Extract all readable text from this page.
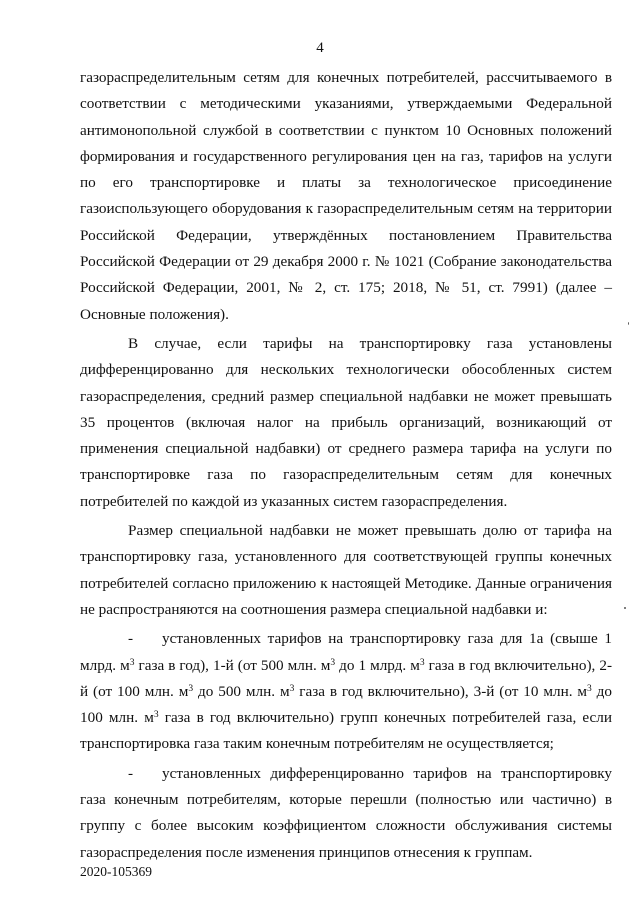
4

газораспределительным сетям для конечных потребителей, рассчитываемого в соответствии с методическими указаниями, утверждаемыми Федеральной антимонопольной службой в соответствии с пунктом 10 Основных положений формирования и государственного регулирования цен на газ, тарифов на услуги по его транспортировке и платы за технологическое присоединение газоиспользующего оборудования к газораспределительным сетям на территории Российской Федерации, утверждённых постановлением Правительства Российской Федерации от 29 декабря 2000 г. № 1021 (Собрание законодательства Российской Федерации, 2001, № 2, ст. 175; 2018, № 51, ст. 7991) (далее – Основные положения).

В случае, если тарифы на транспортировку газа установлены дифференцированно для нескольких технологически обособленных систем газораспределения, средний размер специальной надбавки не может превышать 35 процентов (включая налог на прибыль организаций, возникающий от применения специальной надбавки) от среднего размера тарифа на услуги по транспортировке газа по газораспределительным сетям для конечных потребителей по каждой из указанных систем газораспределения.

Размер специальной надбавки не может превышать долю от тарифа на транспортировку газа, установленного для соответствующей группы конечных потребителей согласно приложению к настоящей Методике. Данные ограничения не распространяются на соотношения размера специальной надбавки и:

- установленных тарифов на транспортировку газа для 1а (свыше 1 млрд. $м^3$ газа в год), 1-й (от 500 млн. $м^3$ до 1 млрд. $м^3$ газа в год включительно), 2-й (от 100 млн. $м^3$ до 500 млн. $м^3$ газа в год включительно), 3-й (от 10 млн. $м^3$ до 100 млн. $м^3$ газа в год включительно) групп конечных потребителей газа, если транспортировка газа таким конечным потребителям не осуществляется;

- установленных дифференцированно тарифов на транспортировку газа конечным потребителям, которые перешли (полностью или частично) в группу с более высоким коэффициентом сложности обслуживания системы газораспределения после изменения принципов отнесения к группам.

2020-105369
